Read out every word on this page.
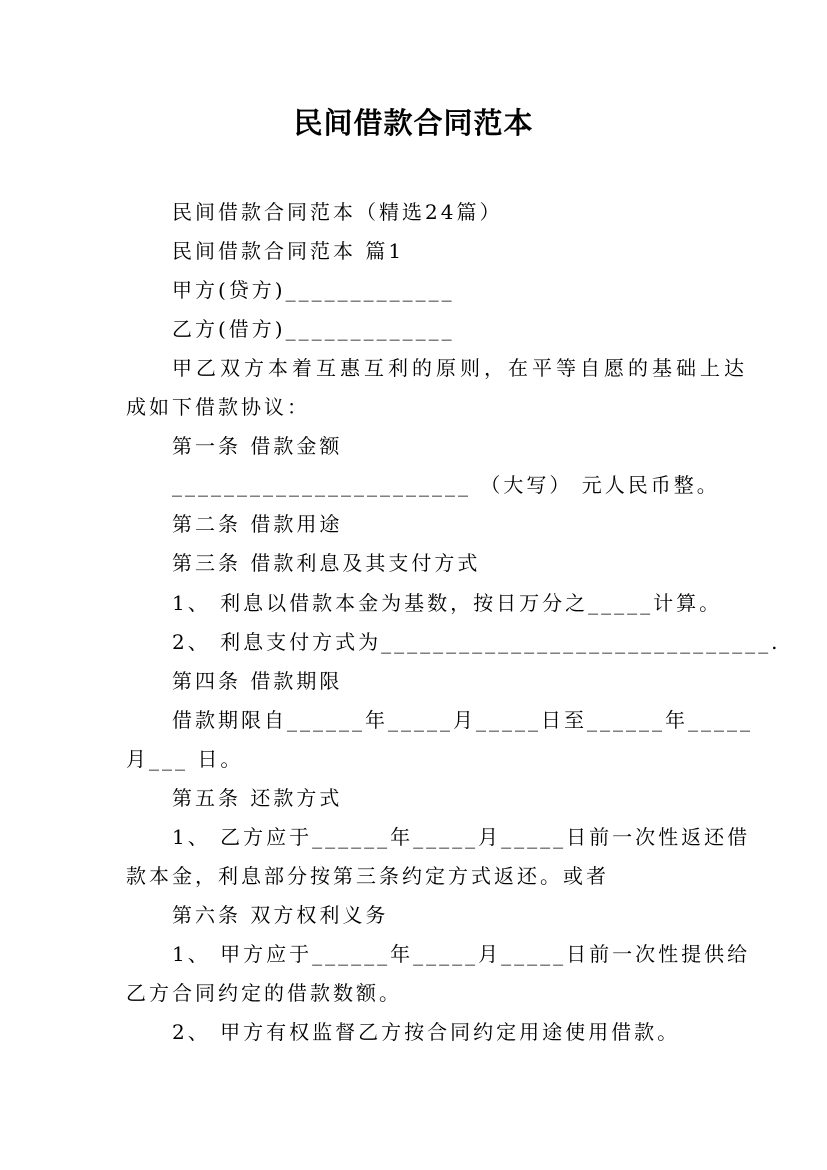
民间借款合同范本
民间借款合同范本（精选24篇）
民间借款合同范本 篇1
甲方(贷方)_____________
乙方(借方)_____________
甲乙双方本着互惠互利的原则，在平等自愿的基础上达
成如下借款协议：
第一条 借款金额
_______________________ （大写） 元人民币整。
第二条 借款用途
第三条 借款利息及其支付方式
1、 利息以借款本金为基数，按日万分之_____计算。
2、 利息支付方式为______________________________.
第四条 借款期限
借款期限自______年_____月_____日至______年_____
月___ 日。
第五条 还款方式
1、 乙方应于______年_____月_____日前一次性返还借
款本金，利息部分按第三条约定方式返还。或者
第六条 双方权利义务
1、 甲方应于______年_____月_____日前一次性提供给
乙方合同约定的借款数额。
2、 甲方有权监督乙方按合同约定用途使用借款。
